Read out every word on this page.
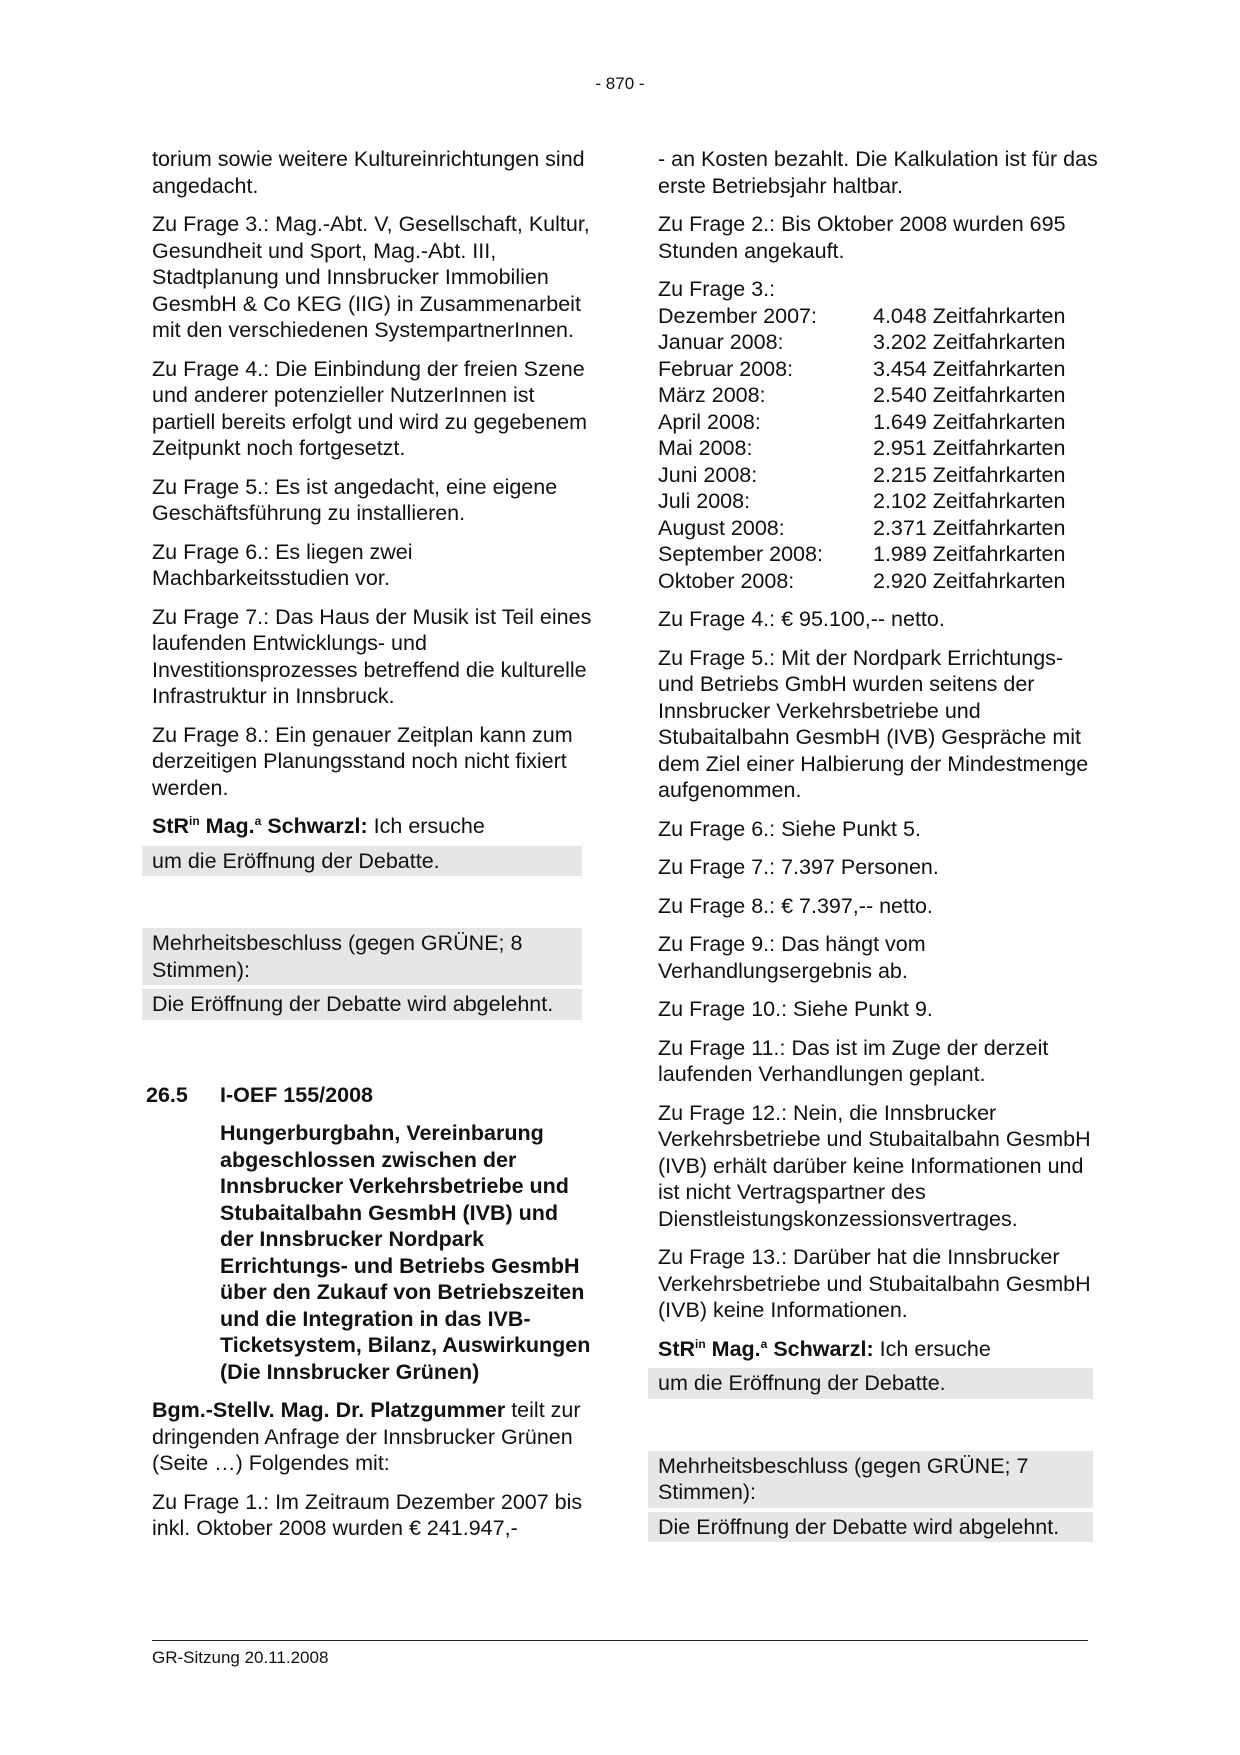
- 870 -

torium sowie weitere Kultureinrichtungen sind angedacht.

Zu Frage 3.: Mag.-Abt. V, Gesellschaft, Kultur, Gesundheit und Sport, Mag.-Abt. III, Stadtplanung und Innsbrucker Immobilien GesmbH & Co KEG (IIG) in Zusammenarbeit mit den verschiedenen SystempartnerInnen.

Zu Frage 4.: Die Einbindung der freien Szene und anderer potenzieller NutzerInnen ist partiell bereits erfolgt und wird zu gegebenem Zeitpunkt noch fortgesetzt.

Zu Frage 5.: Es ist angedacht, eine eigene Geschäftsführung zu installieren.

Zu Frage 6.: Es liegen zwei Machbarkeitsstudien vor.

Zu Frage 7.: Das Haus der Musik ist Teil eines laufenden Entwicklungs- und Investitionsprozesses betreffend die kulturelle Infrastruktur in Innsbruck.

Zu Frage 8.: Ein genauer Zeitplan kann zum derzeitigen Planungsstand noch nicht fixiert werden.

StR$^{in}$ Mag.$^a$ Schwarzl: Ich ersuche

um die Eröffnung der Debatte.
Mehrheitsbeschluss (gegen GRÜNE; 8 Stimmen):
Die Eröffnung der Debatte wird abgelehnt.
26.5	I-OEF 155/2008
Hungerburgbahn, Vereinbarung abgeschlossen zwischen der Innsbrucker Verkehrsbetriebe und Stubaitalbahn GesmbH (IVB) und der Innsbrucker Nordpark Errichtungs- und Betriebs GesmbH über den Zukauf von Betriebszeiten und die Integration in das IVB-Ticketsystem, Bilanz, Auswirkungen (Die Innsbrucker Grünen)

Bgm.-Stellv. Mag. Dr. Platzgummer teilt zur dringenden Anfrage der Innsbrucker Grünen (Seite …) Folgendes mit:

Zu Frage 1.: Im Zeitraum Dezember 2007 bis inkl. Oktober 2008 wurden € 241.947,-

- an Kosten bezahlt. Die Kalkulation ist für das erste Betriebsjahr haltbar.

Zu Frage 2.: Bis Oktober 2008 wurden 695 Stunden angekauft.

Zu Frage 3.:
Dezember 2007:	4.048 Zeitfahrkarten
Januar 2008:	3.202 Zeitfahrkarten
Februar 2008:	3.454 Zeitfahrkarten
März 2008:	2.540 Zeitfahrkarten
April 2008:	1.649 Zeitfahrkarten
Mai 2008:	2.951 Zeitfahrkarten
Juni 2008:	2.215 Zeitfahrkarten
Juli 2008:	2.102 Zeitfahrkarten
August 2008:	2.371 Zeitfahrkarten
September 2008:	1.989 Zeitfahrkarten
Oktober 2008:	2.920 Zeitfahrkarten

Zu Frage 4.: € 95.100,-- netto.

Zu Frage 5.: Mit der Nordpark Errichtungs- und Betriebs GmbH wurden seitens der Innsbrucker Verkehrsbetriebe und Stubaitalbahn GesmbH (IVB) Gespräche mit dem Ziel einer Halbierung der Mindestmenge aufgenommen.

Zu Frage 6.: Siehe Punkt 5.

Zu Frage 7.: 7.397 Personen.

Zu Frage 8.: € 7.397,-- netto.

Zu Frage 9.: Das hängt vom Verhandlungsergebnis ab.

Zu Frage 10.: Siehe Punkt 9.

Zu Frage 11.: Das ist im Zuge der derzeit laufenden Verhandlungen geplant.

Zu Frage 12.: Nein, die Innsbrucker Verkehrsbetriebe und Stubaitalbahn GesmbH (IVB) erhält darüber keine Informationen und ist nicht Vertragspartner des Dienstleistungskonzessionsvertrages.

Zu Frage 13.: Darüber hat die Innsbrucker Verkehrsbetriebe und Stubaitalbahn GesmbH (IVB) keine Informationen.

StR$^{in}$ Mag.$^a$ Schwarzl: Ich ersuche

um die Eröffnung der Debatte.
Mehrheitsbeschluss (gegen GRÜNE; 7 Stimmen):
Die Eröffnung der Debatte wird abgelehnt.
GR-Sitzung 20.11.2008
